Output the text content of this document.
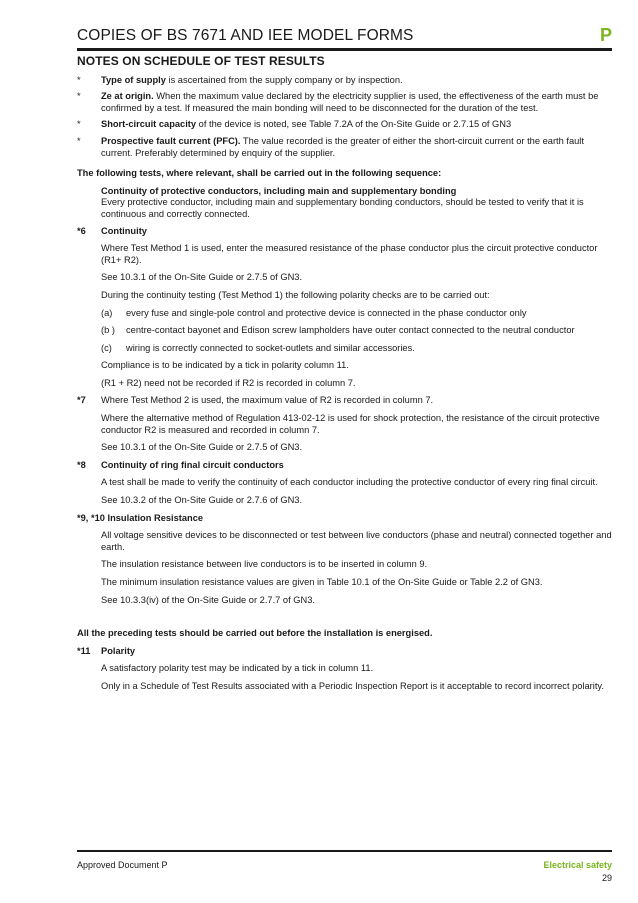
COPIES OF BS 7671 AND IEE MODEL FORMS	P
NOTES ON SCHEDULE OF TEST RESULTS
* Type of supply is ascertained from the supply company or by inspection.
* Ze at origin. When the maximum value declared by the electricity supplier is used, the effectiveness of the earth must be confirmed by a test. If measured the main bonding will need to be disconnected for the duration of the test.
* Short-circuit capacity of the device is noted, see Table 7.2A of the On-Site Guide or 2.7.15 of GN3
* Prospective fault current (PFC). The value recorded is the greater of either the short-circuit current or the earth fault current. Preferably determined by enquiry of the supplier.
The following tests, where relevant, shall be carried out in the following sequence:
Continuity of protective conductors, including main and supplementary bonding
Every protective conductor, including main and supplementary bonding conductors, should be tested to verify that it is continuous and correctly connected.
*6 Continuity
Where Test Method 1 is used, enter the measured resistance of the phase conductor plus the circuit protective conductor (R1+ R2).
See 10.3.1 of the On-Site Guide or 2.7.5 of GN3.
During the continuity testing (Test Method 1) the following polarity checks are to be carried out:
(a) every fuse and single-pole control and protective device is connected in the phase conductor only
(b ) centre-contact bayonet and Edison screw lampholders have outer contact connected to the neutral conductor
(c) wiring is correctly connected to socket-outlets and similar accessories.
Compliance is to be indicated by a tick in polarity column 11.
(R1 + R2) need not be recorded if R2 is recorded in column 7.
*7 Where Test Method 2 is used, the maximum value of R2 is recorded in column 7.
Where the alternative method of Regulation 413-02-12 is used for shock protection, the resistance of the circuit protective conductor R2 is measured and recorded in column 7.
See 10.3.1 of the On-Site Guide or 2.7.5 of GN3.
*8 Continuity of ring final circuit conductors
A test shall be made to verify the continuity of each conductor including the protective conductor of every ring final circuit.
See 10.3.2 of the On-Site Guide or 2.7.6 of GN3.
*9, *10 Insulation Resistance
All voltage sensitive devices to be disconnected or test between live conductors (phase and neutral) connected together and earth.
The insulation resistance between live conductors is to be inserted in column 9.
The minimum insulation resistance values are given in Table 10.1 of the On-Site Guide or Table 2.2 of GN3.
See 10.3.3(iv) of the On-Site Guide or 2.7.7 of GN3.
All the preceding tests should be carried out before the installation is energised.
*11 Polarity
A satisfactory polarity test may be indicated by a tick in column 11.
Only in a Schedule of Test Results associated with a Periodic Inspection Report is it acceptable to record incorrect polarity.
Approved Document P	Electrical safety
29
